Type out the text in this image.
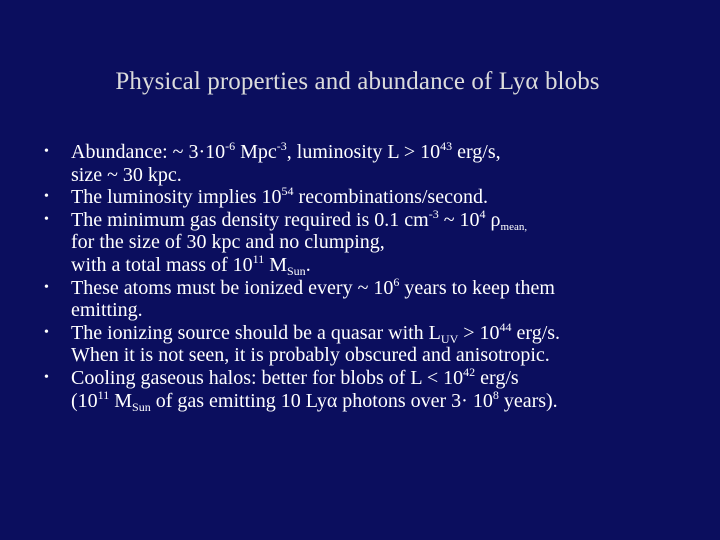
Physical properties and abundance of Lyα blobs
•	Abundance: ~ $3\cdot 10^{-6}$ Mpc$^{-3}$, luminosity $L > 10^{43}$ erg/s,
size ~ 30 kpc.
•	The luminosity implies $10^{54}$ recombinations/second.
•	The minimum gas density required is 0.1 $cm^{-3}$ ~ $10^4$ $\rho_{mean,}$
for the size of 30 kpc and no clumping,
with a total mass of $10^{11}$ $M_{Sun}$.
•	These atoms must be ionized every ~ $10^6$ years to keep them
emitting.
•	The ionizing source should be a quasar with $L_{UV} > 10^{44}$ erg/s.
When it is not seen, it is probably obscured and anisotropic.
•	Cooling gaseous halos: better for blobs of $L < 10^{42}$ erg/s
($10^{11}$ $M_{Sun}$ of gas emitting 10 Lyα photons over $3\cdot 10^8$ years).
